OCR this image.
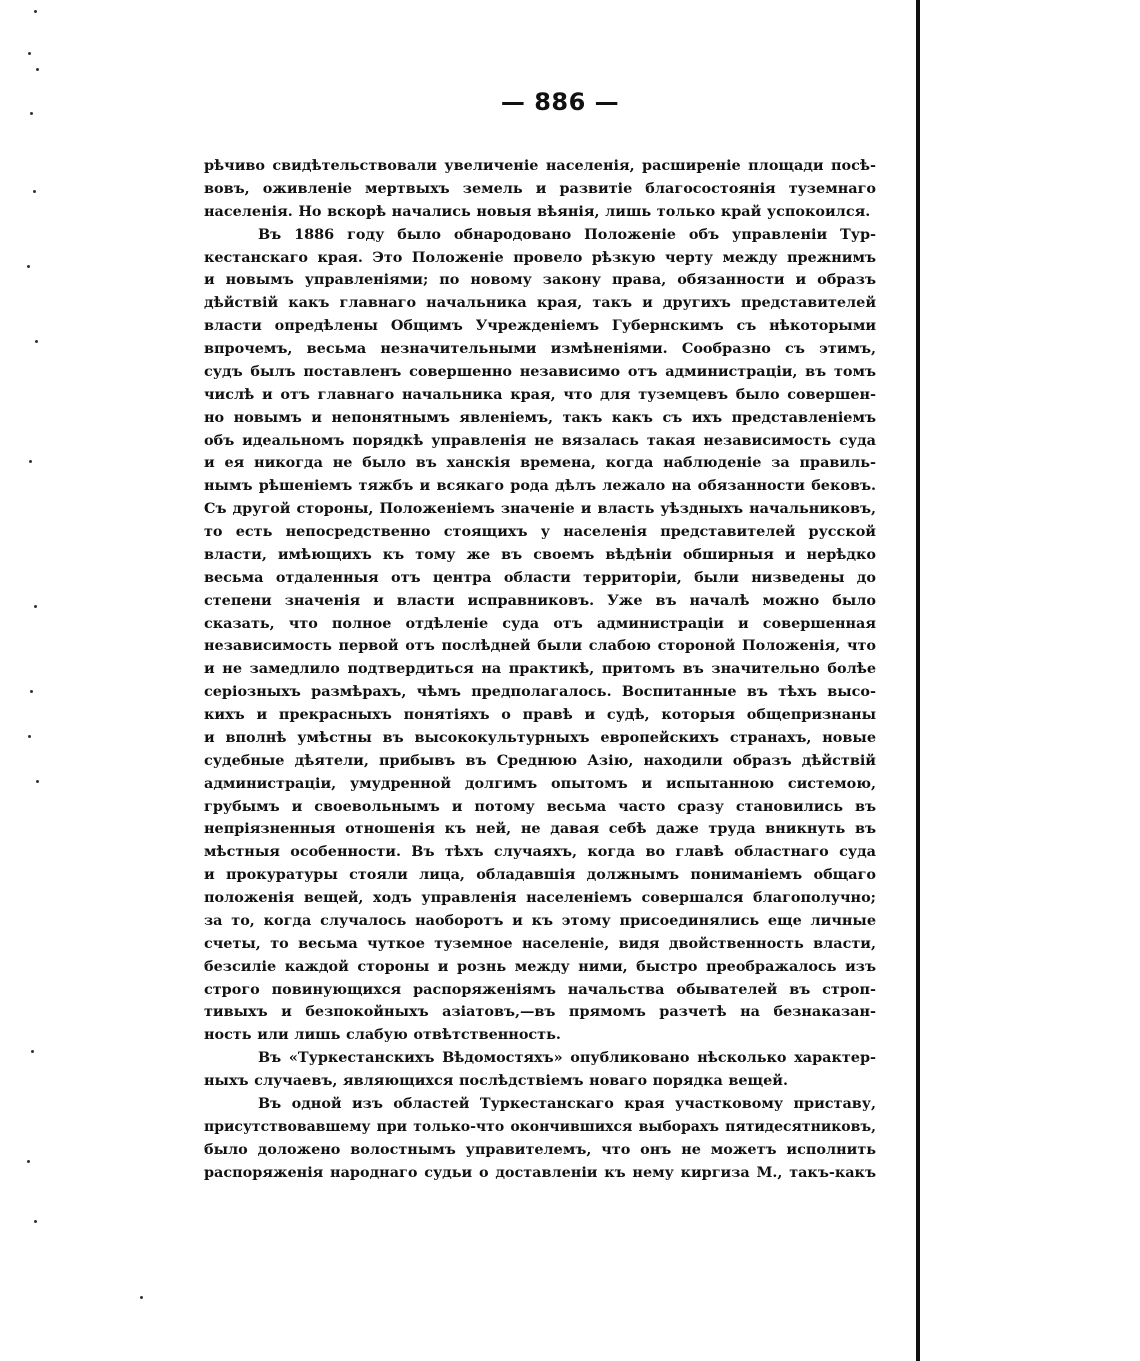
— 886 —
рѣчиво свидѣтельствовали увеличеніе населенія, расширеніе площади посѣ-
вовъ, оживленіе мертвыхъ земель и развитіе благосостоянія туземнаго
населенія. Но вскорѣ начались новыя вѣянія, лишь только край успокоился.
Въ 1886 году было обнародовано Положеніе объ управленіи Тур-
кестанскаго края. Это Положеніе провело рѣзкую черту между прежнимъ
и новымъ управленіями; по новому закону права, обязанности и образъ
дѣйствій какъ главнаго начальника края, такъ и другихъ представителей
власти опредѣлены Общимъ Учрежденіемъ Губернскимъ съ нѣкоторыми
впрочемъ, весьма незначительными измѣненіями. Сообразно съ этимъ,
судъ былъ поставленъ совершенно независимо отъ администраціи, въ томъ
числѣ и отъ главнаго начальника края, что для туземцевъ было совершен-
но новымъ и непонятнымъ явленіемъ, такъ какъ съ ихъ представленіемъ
объ идеальномъ порядкѣ управленія не вязалась такая независимость суда
и ея никогда не было въ ханскія времена, когда наблюденіе за правиль-
нымъ рѣшеніемъ тяжбъ и всякаго рода дѣлъ лежало на обязанности бековъ.
Съ другой стороны, Положеніемъ значеніе и власть уѣздныхъ начальниковъ,
то есть непосредственно стоящихъ у населенія представителей русской
власти, имѣющихъ къ тому же въ своемъ вѣдѣніи обширныя и нерѣдко
весьма отдаленныя отъ центра области территоріи, были низведены до
степени значенія и власти исправниковъ. Уже въ началѣ можно было
сказать, что полное отдѣленіе суда отъ администраціи и совершенная
независимость первой отъ послѣдней были слабою стороной Положенія, что
и не замедлило подтвердиться на практикѣ, притомъ въ значительно болѣе
серіозныхъ размѣрахъ, чѣмъ предполагалось. Воспитанные въ тѣхъ высо-
кихъ и прекрасныхъ понятіяхъ о правѣ и судѣ, которыя общепризнаны
и вполнѣ умѣстны въ высококультурныхъ европейскихъ странахъ, новые
судебные дѣятели, прибывъ въ Среднюю Азію, находили образъ дѣйствій
администраціи, умудренной долгимъ опытомъ и испытанною системою,
грубымъ и своевольнымъ и потому весьма часто сразу становились въ
непріязненныя отношенія къ ней, не давая себѣ даже труда вникнуть въ
мѣстныя особенности. Въ тѣхъ случаяхъ, когда во главѣ областнаго суда
и прокуратуры стояли лица, обладавшія должнымъ пониманіемъ общаго
положенія вещей, ходъ управленія населеніемъ совершался благополучно;
за то, когда случалось наоборотъ и къ этому присоединялись еще личные
счеты, то весьма чуткое туземное населеніе, видя двойственность власти,
безсиліе каждой стороны и рознь между ними, быстро преображалось изъ
строго повинующихся распоряженіямъ начальства обывателей въ строп-
тивыхъ и безпокойныхъ азіатовъ,—въ прямомъ разчетѣ на безнаказан-
ность или лишь слабую отвѣтственность.
Въ «Туркестанскихъ Вѣдомостяхъ» опубликовано нѣсколько характер-
ныхъ случаевъ, являющихся послѣдствіемъ новаго порядка вещей.
Въ одной изъ областей Туркестанскаго края участковому приставу,
присутствовавшему при только-что окончившихся выборахъ пятидесятниковъ,
было доложено волостнымъ управителемъ, что онъ не можетъ исполнить
распоряженія народнаго судьи о доставленіи къ нему киргиза М., такъ-какъ
